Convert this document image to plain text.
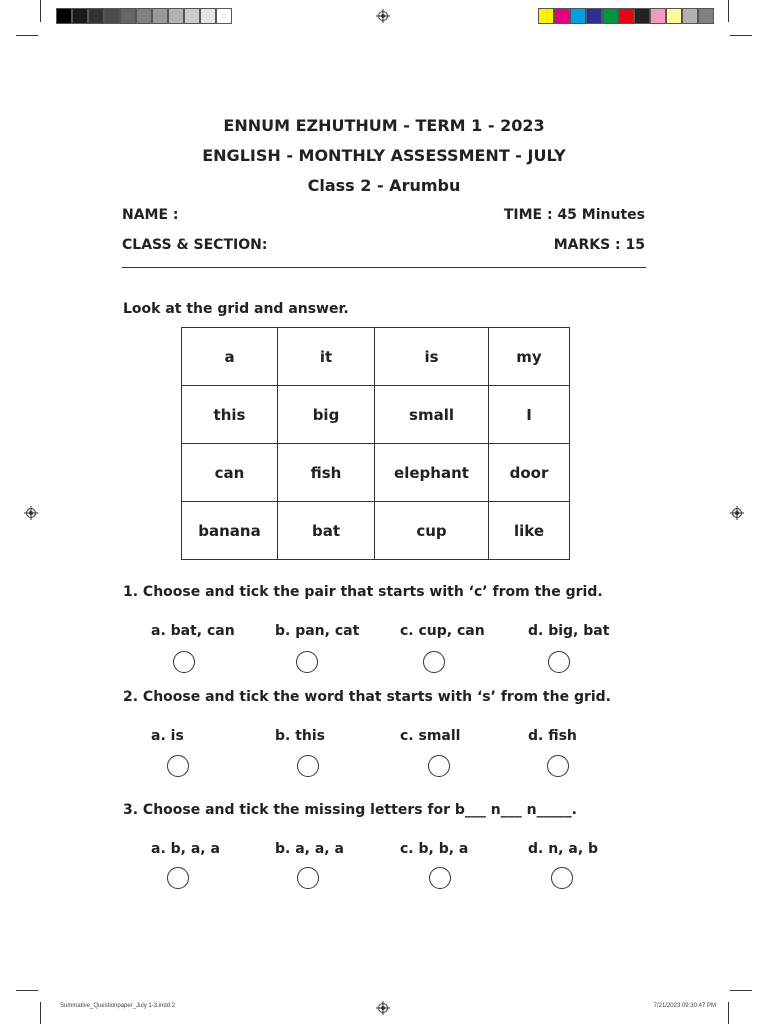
ENNUM EZHUTHUM - TERM 1 - 2023
ENGLISH - MONTHLY ASSESSMENT - JULY
Class 2 - Arumbu
NAME :	TIME : 45 Minutes
CLASS & SECTION:	MARKS : 15
Look at the grid and answer.
a	it	is	my
this	big	small	I
can	fish	elephant	door
banana	bat	cup	like
1. Choose and tick the pair that starts with ‘c’ from the grid.
a. bat, can	b. pan, cat	c. cup, can	d. big, bat
2. Choose and tick the word that starts with ‘s’ from the grid.
a. is	b. this	c. small	d. fish
3. Choose and tick the missing letters for b___ n___ n_____.
a. b, a, a	b. a, a, a	c. b, b, a	d. n, a, b
Summative_Questionpaper_July 1-3.indd 2	7/21/2023 09:30:47 PM
